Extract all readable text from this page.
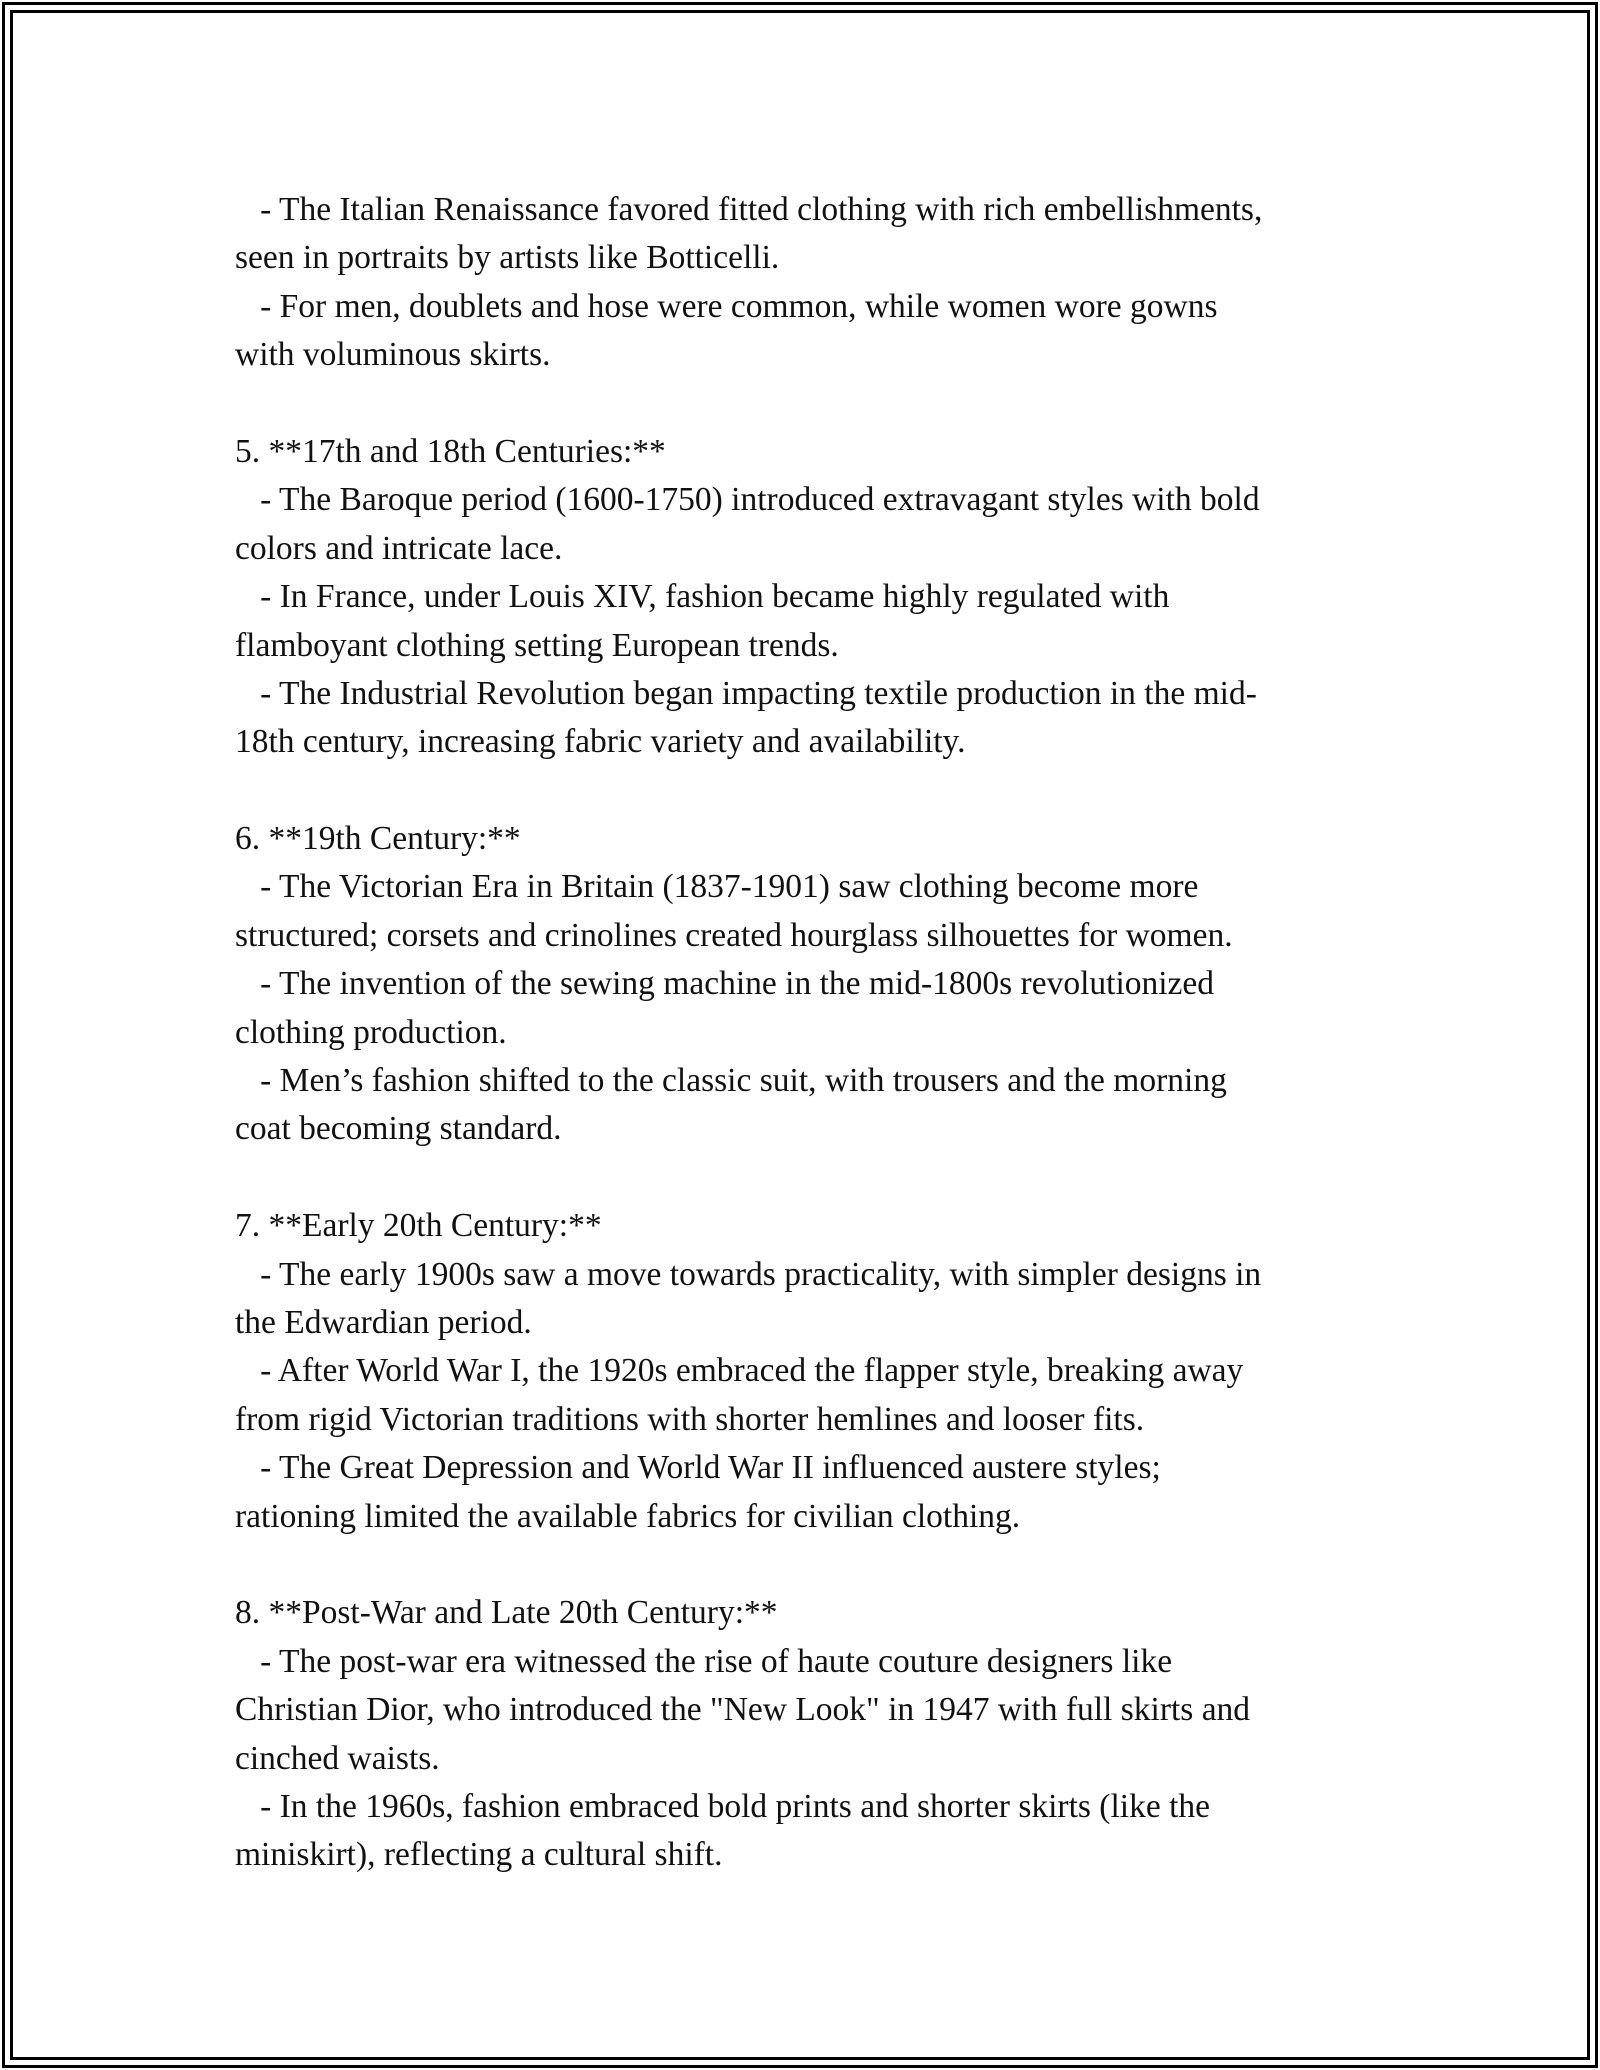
- The Italian Renaissance favored fitted clothing with rich embellishments,
seen in portraits by artists like Botticelli.
- For men, doublets and hose were common, while women wore gowns
with voluminous skirts.
5. **17th and 18th Centuries:**
- The Baroque period (1600-1750) introduced extravagant styles with bold
colors and intricate lace.
- In France, under Louis XIV, fashion became highly regulated with
flamboyant clothing setting European trends.
- The Industrial Revolution began impacting textile production in the mid-
18th century, increasing fabric variety and availability.
6. **19th Century:**
- The Victorian Era in Britain (1837-1901) saw clothing become more
structured; corsets and crinolines created hourglass silhouettes for women.
- The invention of the sewing machine in the mid-1800s revolutionized
clothing production.
- Men’s fashion shifted to the classic suit, with trousers and the morning
coat becoming standard.
7. **Early 20th Century:**
- The early 1900s saw a move towards practicality, with simpler designs in
the Edwardian period.
- After World War I, the 1920s embraced the flapper style, breaking away
from rigid Victorian traditions with shorter hemlines and looser fits.
- The Great Depression and World War II influenced austere styles;
rationing limited the available fabrics for civilian clothing.
8. **Post-War and Late 20th Century:**
- The post-war era witnessed the rise of haute couture designers like
Christian Dior, who introduced the "New Look" in 1947 with full skirts and
cinched waists.
- In the 1960s, fashion embraced bold prints and shorter skirts (like the
miniskirt), reflecting a cultural shift.
